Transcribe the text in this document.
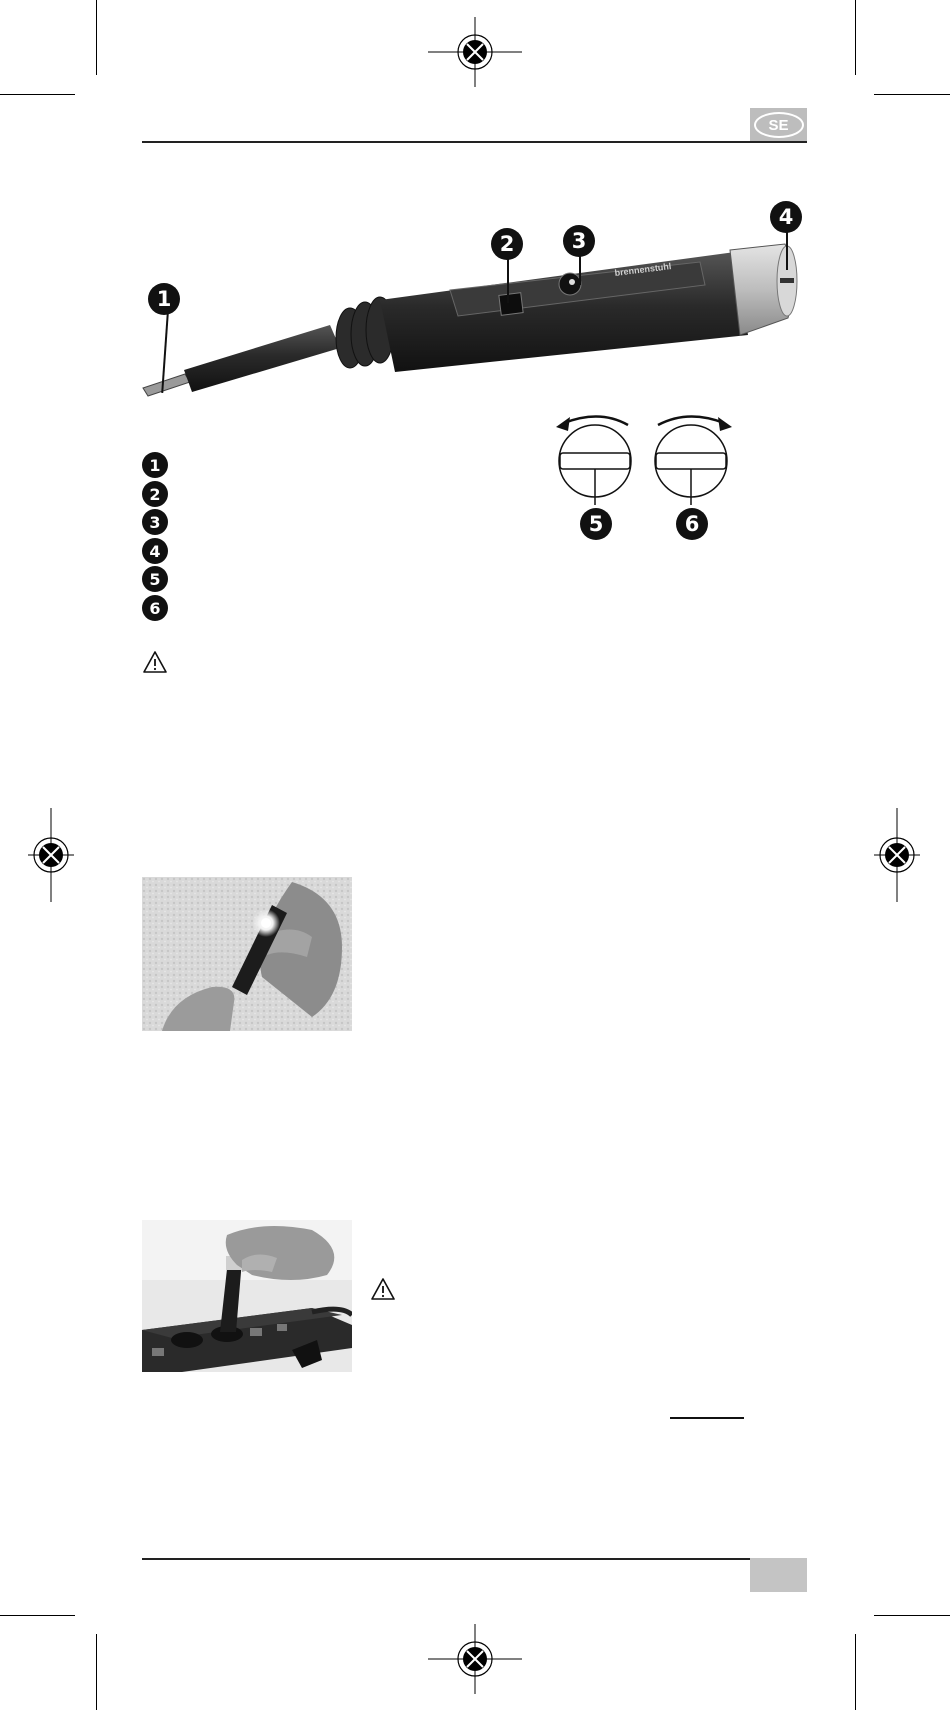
SE
brennenstuhl
1
2	3
4
5	6
1
2
3
4
5
6
